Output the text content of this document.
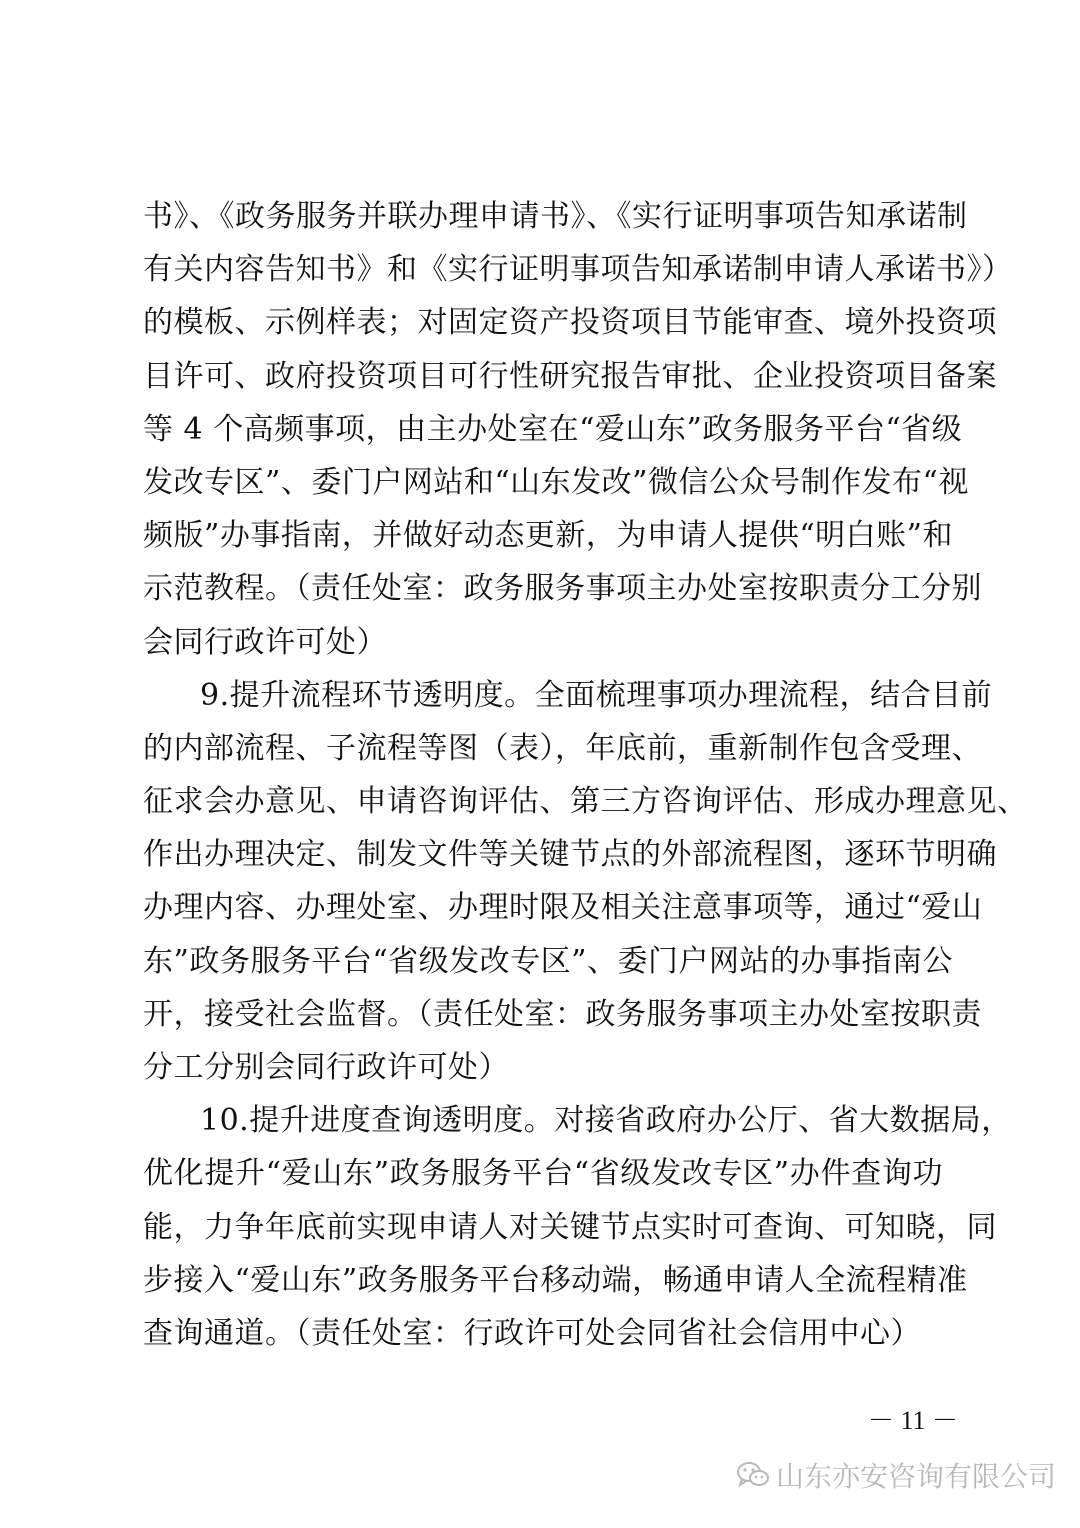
书》、《政务服务并联办理申请书》、《实行证明事项告知承诺制
有关内容告知书》和《实行证明事项告知承诺制申请人承诺书》）
的模板、示例样表；对固定资产投资项目节能审查、境外投资项
目许可、政府投资项目可行性研究报告审批、企业投资项目备案
等 4 个高频事项，由主办处室在“爱山东”政务服务平台“省级
发改专区”、委门户网站和“山东发改”微信公众号制作发布“视
频版”办事指南，并做好动态更新，为申请人提供“明白账”和
示范教程。（责任处室：政务服务事项主办处室按职责分工分别
会同行政许可处）
9.提升流程环节透明度。全面梳理事项办理流程，结合目前
的内部流程、子流程等图（表），年底前，重新制作包含受理、
征求会办意见、申请咨询评估、第三方咨询评估、形成办理意见、
作出办理决定、制发文件等关键节点的外部流程图，逐环节明确
办理内容、办理处室、办理时限及相关注意事项等，通过“爱山
东”政务服务平台“省级发改专区”、委门户网站的办事指南公
开，接受社会监督。（责任处室：政务服务事项主办处室按职责
分工分别会同行政许可处）
10.提升进度查询透明度。对接省政府办公厅、省大数据局，
优化提升“爱山东”政务服务平台“省级发改专区”办件查询功
能，力争年底前实现申请人对关键节点实时可查询、可知晓，同
步接入“爱山东”政务服务平台移动端，畅通申请人全流程精准
查询通道。（责任处室：行政许可处会同省社会信用中心）
－ 11 －
山东亦安咨询有限公司
